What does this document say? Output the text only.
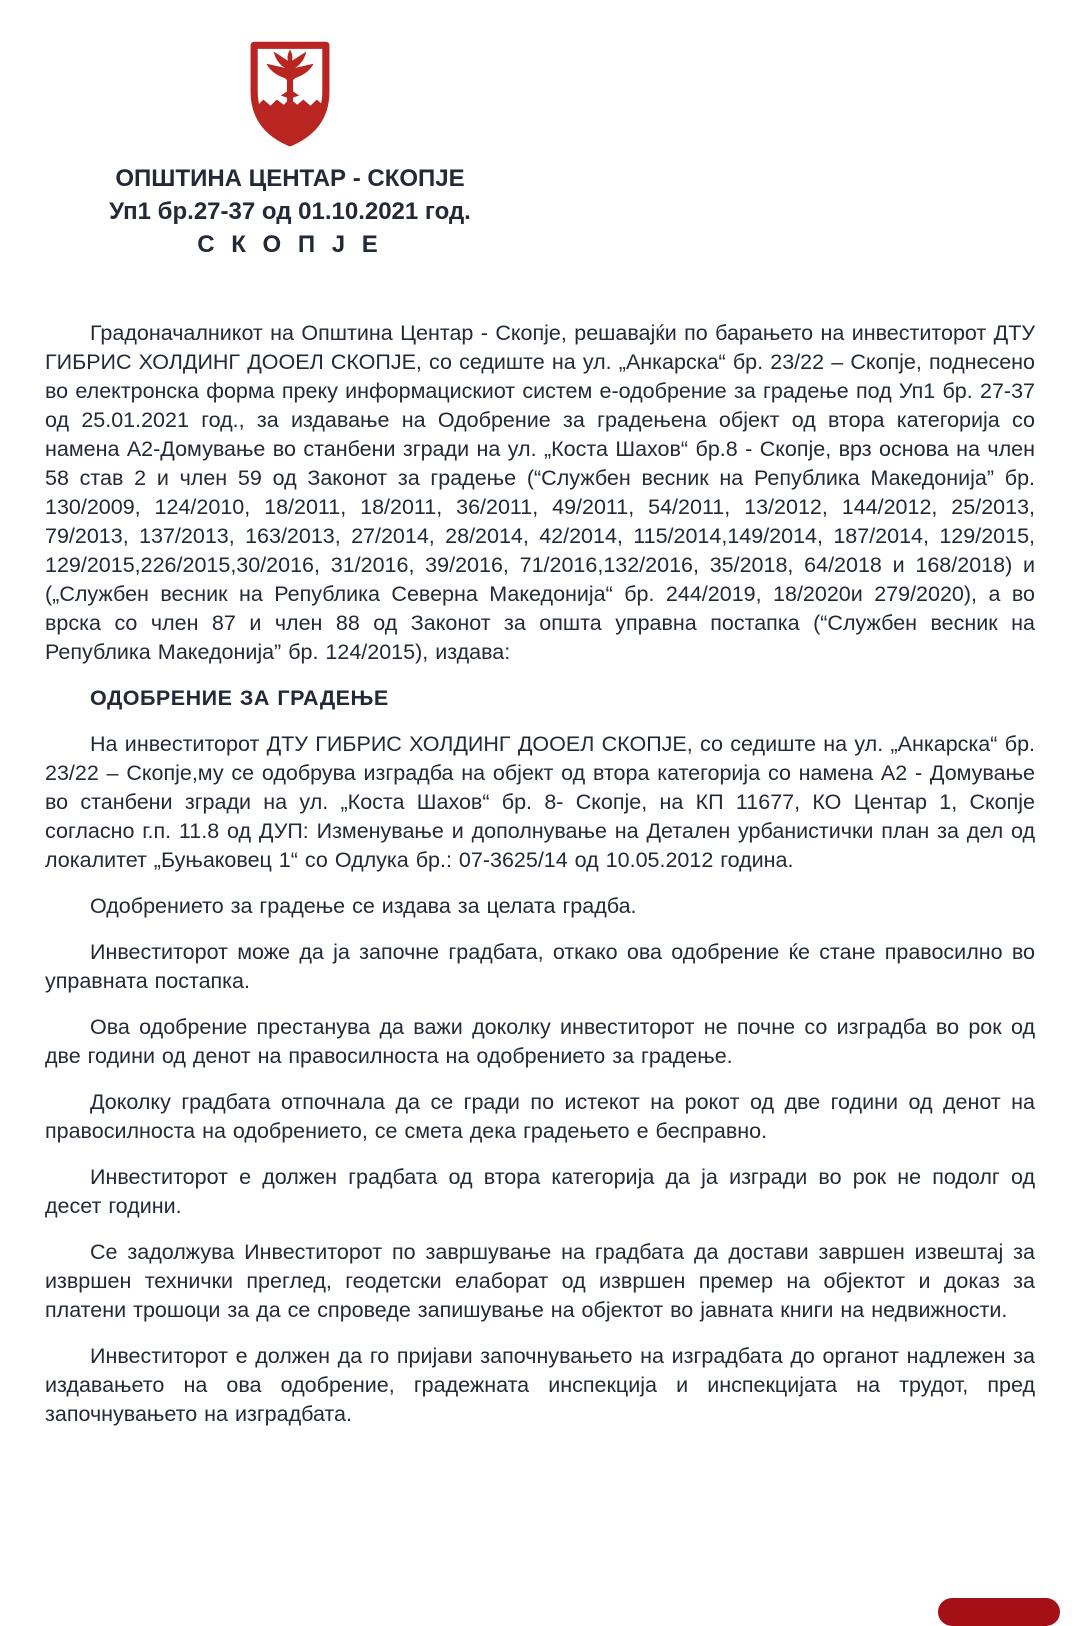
ОПШТИНА ЦЕНТАР - СКОПЈЕ
Уп1 бр.27-37 од 01.10.2021 год.
С К О П Ј Е

Градоначалникот на Општина Центар - Скопје, решавајќи по барањето на инвеститорот ДТУ ГИБРИС ХОЛДИНГ ДООЕЛ СКОПЈЕ, со седиште на ул. „Анкарска“ бр. 23/22 – Скопје, поднесено во електронска форма преку информацискиот систем е-одобрение за градење под Уп1 бр. 27-37 од 25.01.2021 год., за издавање на Одобрение за градењена објект од втора категорија со намена А2-Домување во станбени згради на ул. „Коста Шахов“ бр.8 - Скопје, врз основа на член 58 став 2 и член 59 од Законот за градење (“Службен весник на Република Македонија” бр. 130/2009, 124/2010, 18/2011, 18/2011, 36/2011, 49/2011, 54/2011, 13/2012, 144/2012, 25/2013, 79/2013, 137/2013, 163/2013, 27/2014, 28/2014, 42/2014, 115/2014,149/2014, 187/2014, 129/2015, 129/2015,226/2015,30/2016, 31/2016, 39/2016, 71/2016,132/2016, 35/2018, 64/2018 и 168/2018) и („Службен весник на Република Северна Македонија“ бр. 244/2019, 18/2020и 279/2020), а во врска со член 87 и член 88 од Законот за општа управна постапка (“Службен весник на Република Македонија” бр. 124/2015), издава:

ОДОБРЕНИЕ ЗА ГРАДЕЊЕ

На инвеститорот ДТУ ГИБРИС ХОЛДИНГ ДООЕЛ СКОПЈЕ, со седиште на ул. „Анкарска“ бр. 23/22 – Скопје,му се одобрува изградба на објект од втора категорија со намена А2 - Домување во станбени згради на ул. „Коста Шахов“ бр. 8- Скопје, на КП 11677, КО Центар 1, Скопје согласно г.п. 11.8 од ДУП: Изменување и дополнување на Детален урбанистички план за дел од локалитет „Буњаковец 1“ со Одлука бр.: 07-3625/14 од 10.05.2012 година.

Одобрението за градење се издава за целата градба.

Инвеститорот може да ја започне градбата, откако ова одобрение ќе стане правосилно во управната постапка.

Ова одобрение престанува да важи доколку инвеститорот не почне со изградба во рок од две години од денот на правосилноста на одобрението за градење.

Доколку градбата отпочнала да се гради по истекот на рокот од две години од денот на правосилноста на одобрението, се смета дека градењето е бесправно.

Инвеститорот е должен градбата од втора категорија да ја изгради во рок не подолг од десет години.

Се задолжува Инвеститорот по завршување на градбата да достави завршен извештај за извршен технички преглед, геодетски елаборат од извршен премер на објектот и доказ за платени трошоци за да се спроведе запишување на објектот во јавната книги на недвижности.

Инвеститорот е должен да го пријави започнувањето на изградбата до органот надлежен за издавањето на ова одобрение, градежната инспекција и инспекцијата на трудот, пред започнувањето на изградбата.
